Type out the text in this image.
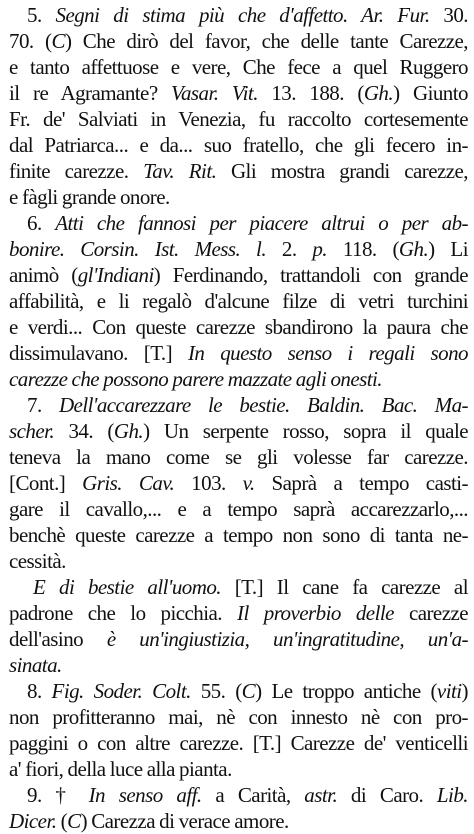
5. Segni di stima più che d'affetto. Ar. Fur. 30.
70. (C) Che dirò del favor, che delle tante Carezze,
e tanto affettuose e vere, Che fece a quel Ruggero
il re Agramante? Vasar. Vit. 13. 188. (Gh.) Giunto
Fr. de' Salviati in Venezia, fu raccolto cortesemente
dal Patriarca... e da... suo fratello, che gli fecero in-
finite carezze. Tav. Rit. Gli mostra grandi carezze,
e fàgli grande onore.
6. Atti che fannosi per piacere altrui o per ab-
bonire. Corsin. Ist. Mess. l. 2. p. 118. (Gh.) Li
animò (gl'Indiani) Ferdinando, trattandoli con grande
affabilità, e li regalò d'alcune filze di vetri turchini
e verdi... Con queste carezze sbandirono la paura che
dissimulavano. [T.] In questo senso i regali sono
carezze che possono parere mazzate agli onesti.
7. Dell'accarezzare le bestie. Baldin. Bac. Ma-
scher. 34. (Gh.) Un serpente rosso, sopra il quale
teneva la mano come se gli volesse far carezze.
[Cont.] Gris. Cav. 103. v. Saprà a tempo casti-
gare il cavallo,... e a tempo saprà accarezzarlo,...
benchè queste carezze a tempo non sono di tanta ne-
cessità.
E di bestie all'uomo. [T.] Il cane fa carezze al
padrone che lo picchia. Il proverbio delle carezze
dell'asino è un'ingiustizia, un'ingratitudine, un'a-
sinata.
8. Fig. Soder. Colt. 55. (C) Le troppo antiche (viti)
non profitteranno mai, nè con innesto nè con pro-
paggini o con altre carezze. [T.] Carezze de' venticelli
a' fiori, della luce alla pianta.
9. † In senso aff. a Carità, astr. di Caro. Lib.
Dicer. (C) Carezza di verace amore.
